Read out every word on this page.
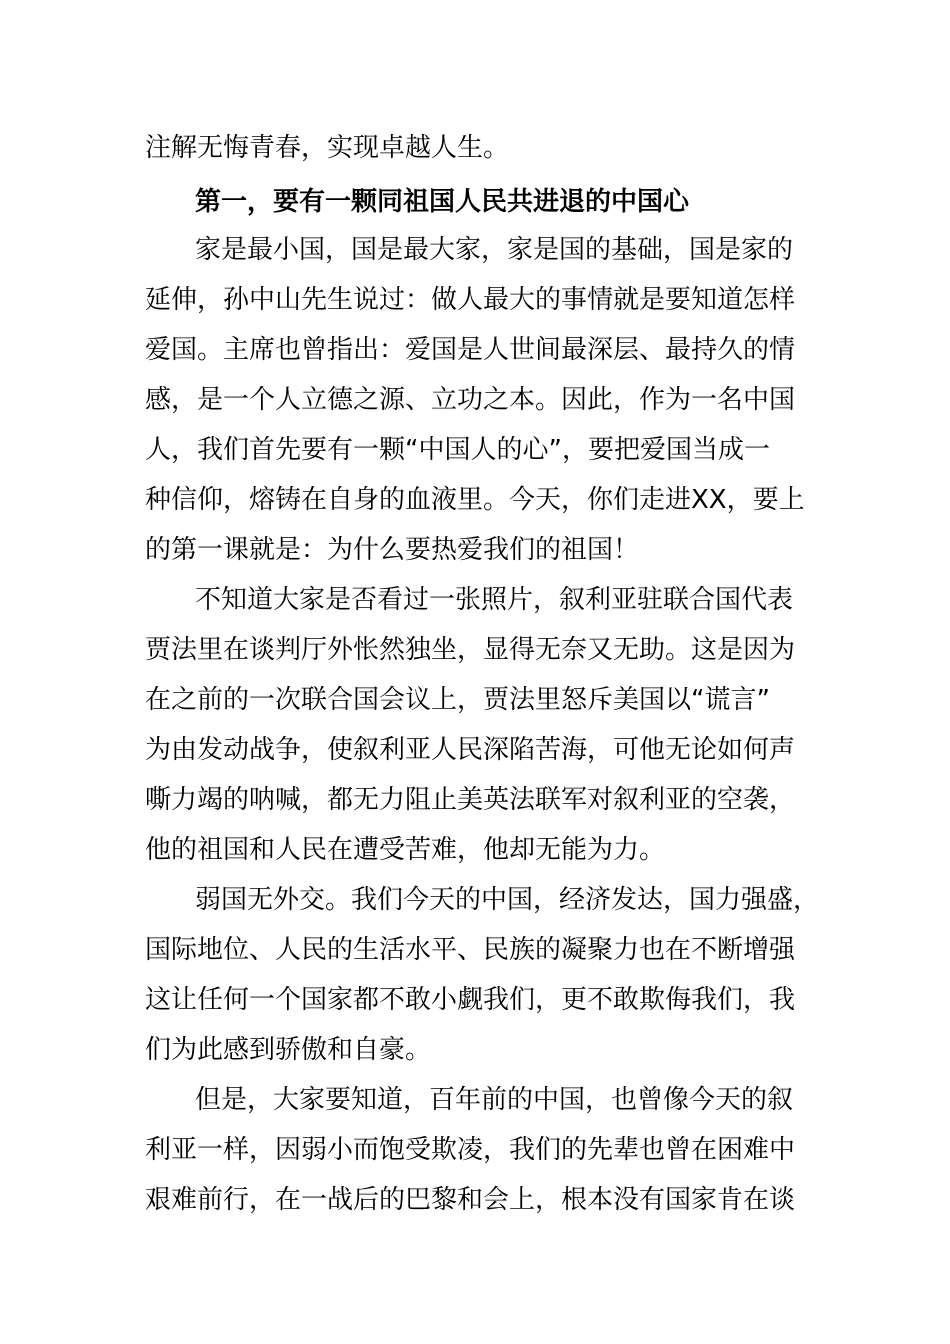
注解无悔青春，实现卓越人生。
第一，要有一颗同祖国人民共进退的中国心
家是最小国，国是最大家，家是国的基础，国是家的
延伸，孙中山先生说过：做人最大的事情就是要知道怎样
爱国。主席也曾指出：爱国是人世间最深层、最持久的情
感，是一个人立德之源、立功之本。因此，作为一名中国
人，我们首先要有一颗“中国人的心”，要把爱国当成一
种信仰，熔铸在自身的血液里。今天，你们走进XX，要上
的第一课就是：为什么要热爱我们的祖国！
不知道大家是否看过一张照片，叙利亚驻联合国代表
贾法里在谈判厅外怅然独坐，显得无奈又无助。这是因为
在之前的一次联合国会议上，贾法里怒斥美国以“谎言”
为由发动战争，使叙利亚人民深陷苦海，可他无论如何声
嘶力竭的呐喊，都无力阻止美英法联军对叙利亚的空袭，
他的祖国和人民在遭受苦难，他却无能为力。
弱国无外交。我们今天的中国，经济发达，国力强盛，
国际地位、人民的生活水平、民族的凝聚力也在不断增强
这让任何一个国家都不敢小觑我们，更不敢欺侮我们，我
们为此感到骄傲和自豪。
但是，大家要知道，百年前的中国，也曾像今天的叙
利亚一样，因弱小而饱受欺凌，我们的先辈也曾在困难中
艰难前行，在一战后的巴黎和会上，根本没有国家肯在谈
